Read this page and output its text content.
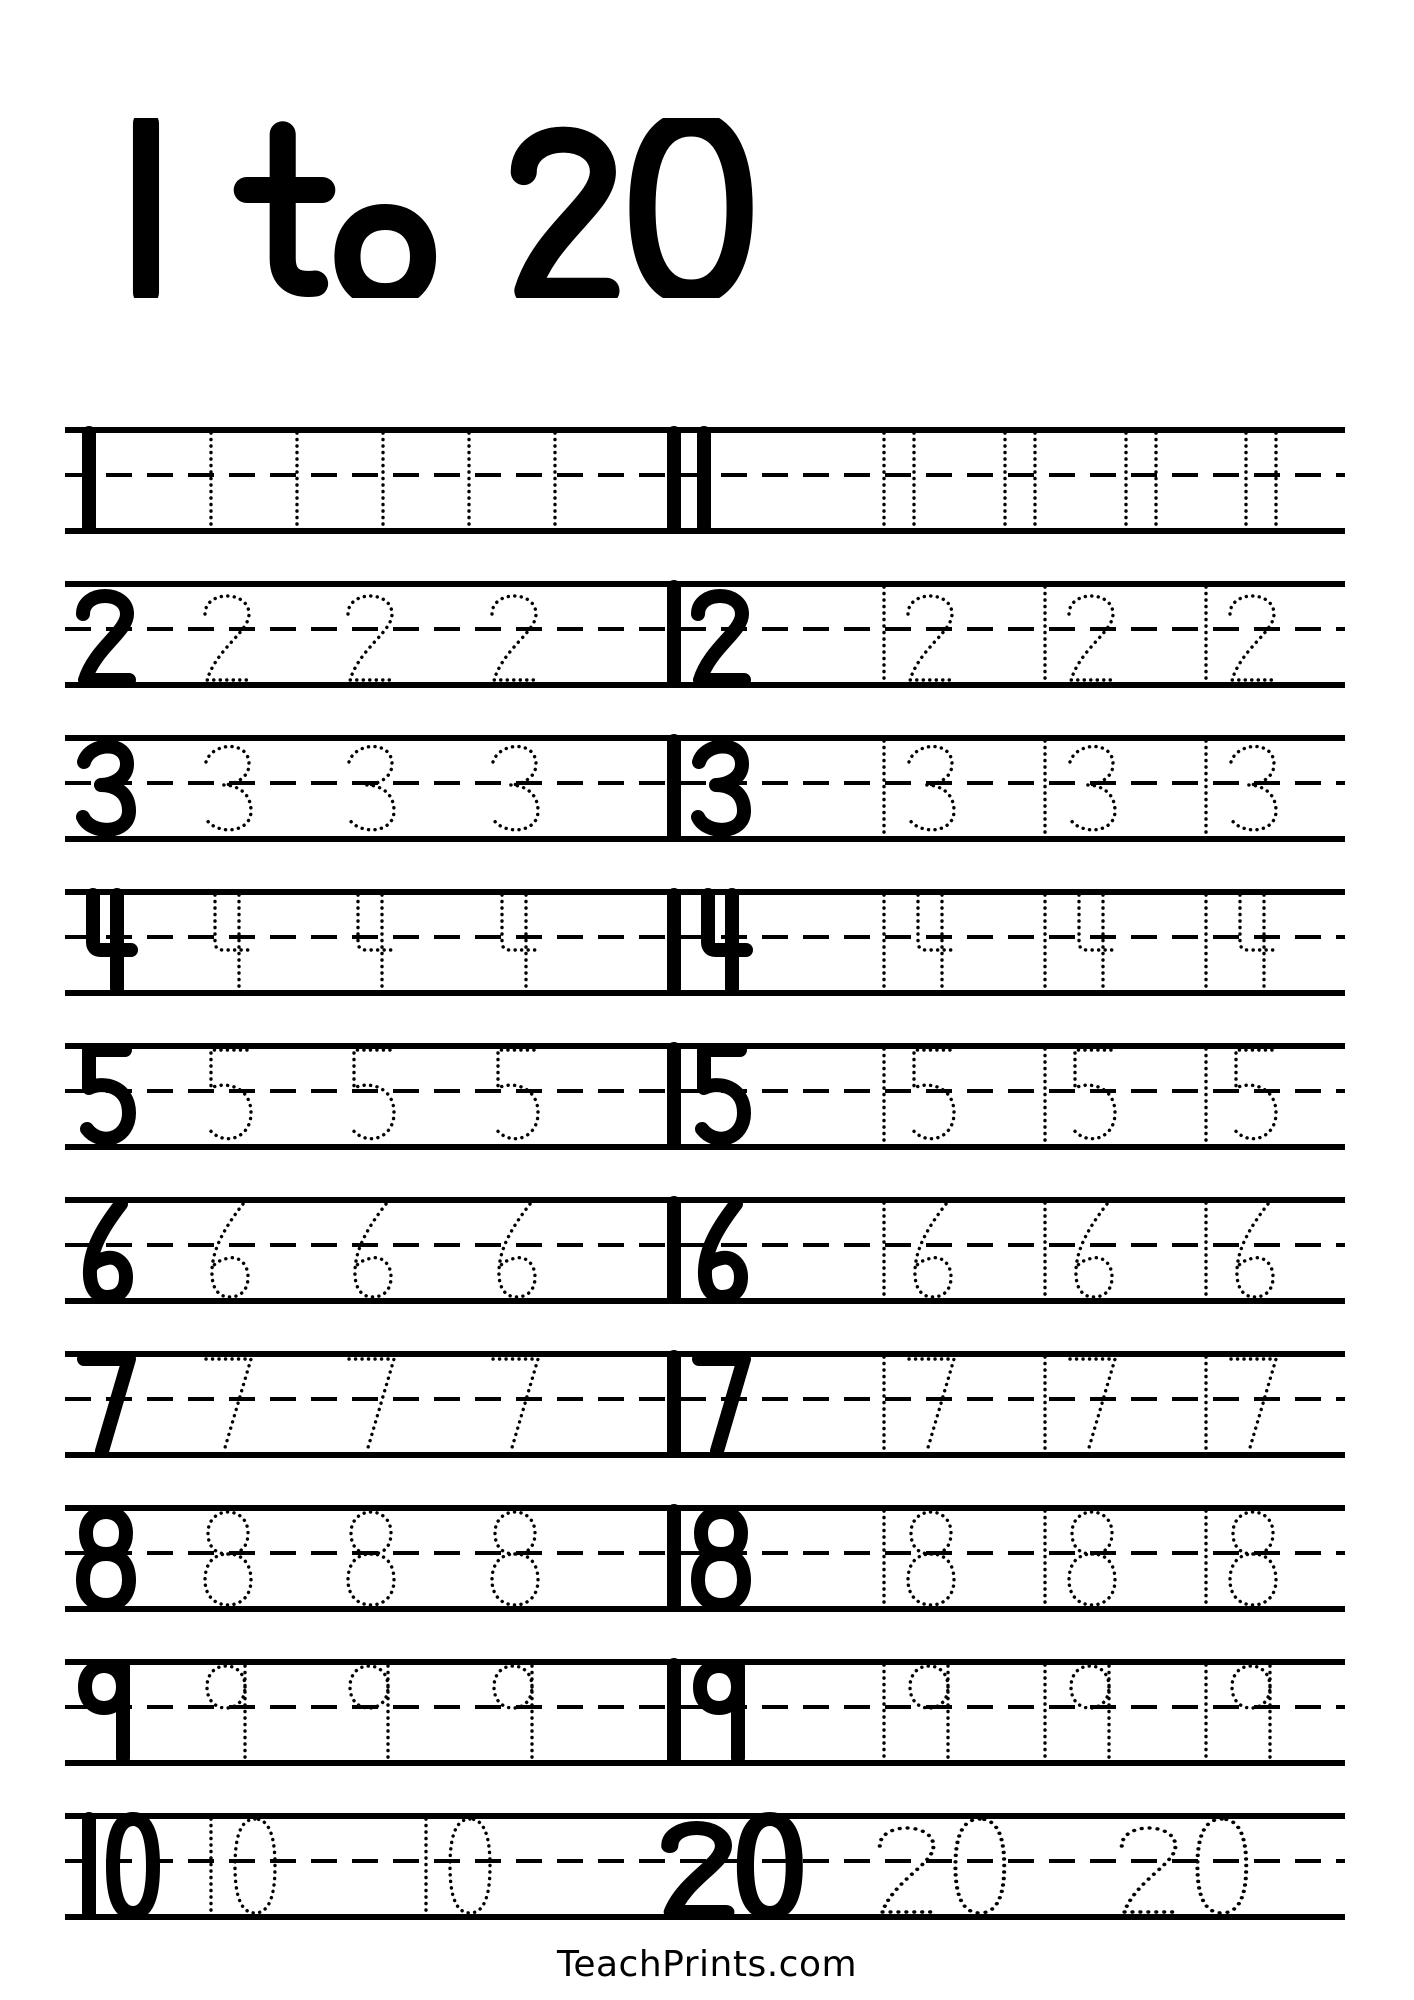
TeachPrints.com
